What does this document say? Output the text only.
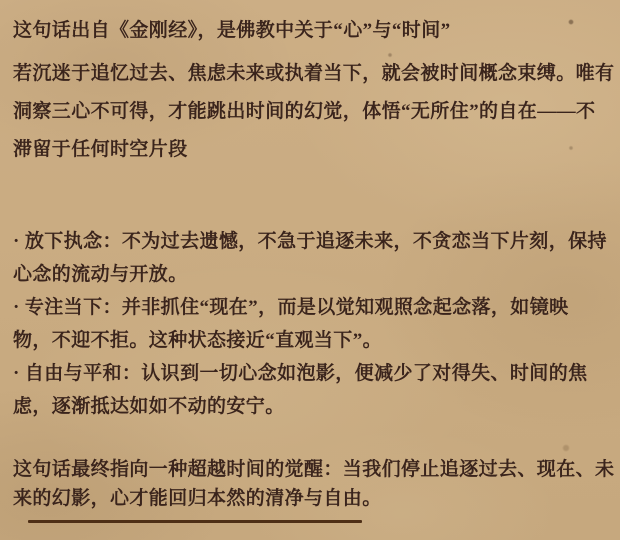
这句话出自《金刚经》，是佛教中关于“心”与“时间”
若沉迷于追忆过去、焦虑未来或执着当下，就会被时间概念束缚。唯有
洞察三心不可得，才能跳出时间的幻觉，体悟“无所住”的自在——不
滞留于任何时空片段
· 放下执念：不为过去遗憾，不急于追逐未来，不贪恋当下片刻，保持
心念的流动与开放。
· 专注当下：并非抓住“现在”，而是以觉知观照念起念落，如镜映
物，不迎不拒。这种状态接近“直观当下”。
· 自由与平和：认识到一切心念如泡影，便减少了对得失、时间的焦
虑，逐渐抵达如如不动的安宁。
这句话最终指向一种超越时间的觉醒：当我们停止追逐过去、现在、未
来的幻影，心才能回归本然的清净与自由。
